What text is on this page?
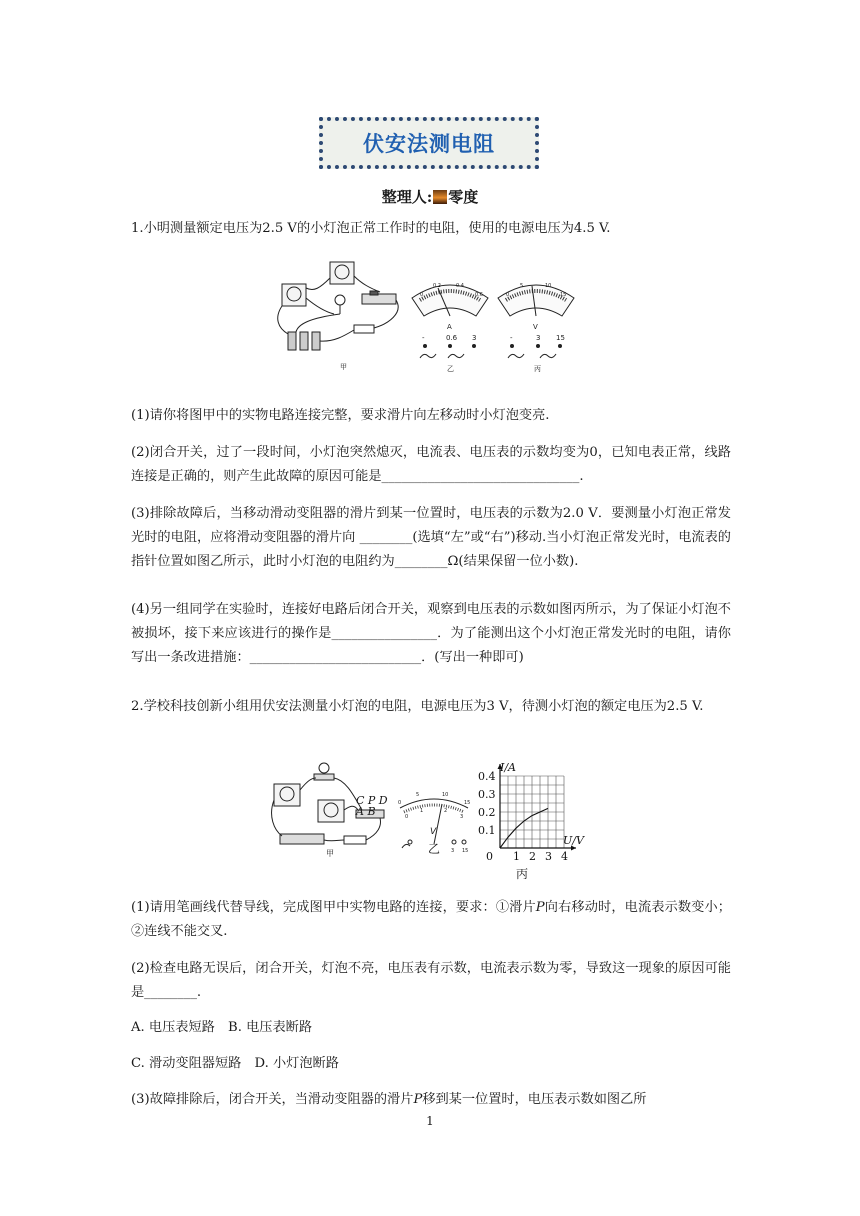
伏安法测电阻
整理人: 零度
1.小明测量额定电压为2.5 V的小灯泡正常工作时的电阻，使用的电源电压为4.5 V.
甲
0
0.2	0.4
0.6
A
-	0.6 3
乙
0
5	10
15
V
-	3 15
丙
(1)请你将图甲中的实物电路连接完整，要求滑片向左移动时小灯泡变亮.
(2)闭合开关，过了一段时间，小灯泡突然熄灭，电流表、电压表的示数均变为0，已知电表正常，线路连接是正确的，则产生此故障的原因可能是______________________________.
(3)排除故障后，当移动滑动变阻器的滑片到某一位置时，电压表的示数为2.0 V．要测量小灯泡正常发光时的电阻，应将滑动变阻器的滑片向 ________(选填“左”或“右”)移动.当小灯泡正常发光时，电流表的指针位置如图乙所示，此时小灯泡的电阻约为________Ω(结果保留一位小数).
(4)另一组同学在实验时，连接好电路后闭合开关，观察到电压表的示数如图丙所示，为了保证小灯泡不被损坏，接下来应该进行的操作是________________．为了能测出这个小灯泡正常发光时的电阻，请你写出一条改进措施：__________________________．(写出一种即可)
2.学校科技创新小组用伏安法测量小灯泡的电阻，电源电压为3 V，待测小灯泡的额定电压为2.5 V.
甲
C P D
A B
0
5	10
15
0
1	2
3
V
3 15
乙
0 1 2 3 4
0.1
0.2
0.3
0.4
I/A
U/V
丙
(1)请用笔画线代替导线，完成图甲中实物电路的连接，要求：①滑片P向右移动时，电流表示数变小；②连线不能交叉.
(2)检查电路无误后，闭合开关，灯泡不亮，电压表有示数，电流表示数为零，导致这一现象的原因可能是________.
A. 电压表短路　B. 电压表断路
C. 滑动变阻器短路　D. 小灯泡断路
(3)故障排除后，闭合开关，当滑动变阻器的滑片P移到某一位置时，电压表示数如图乙所
1
